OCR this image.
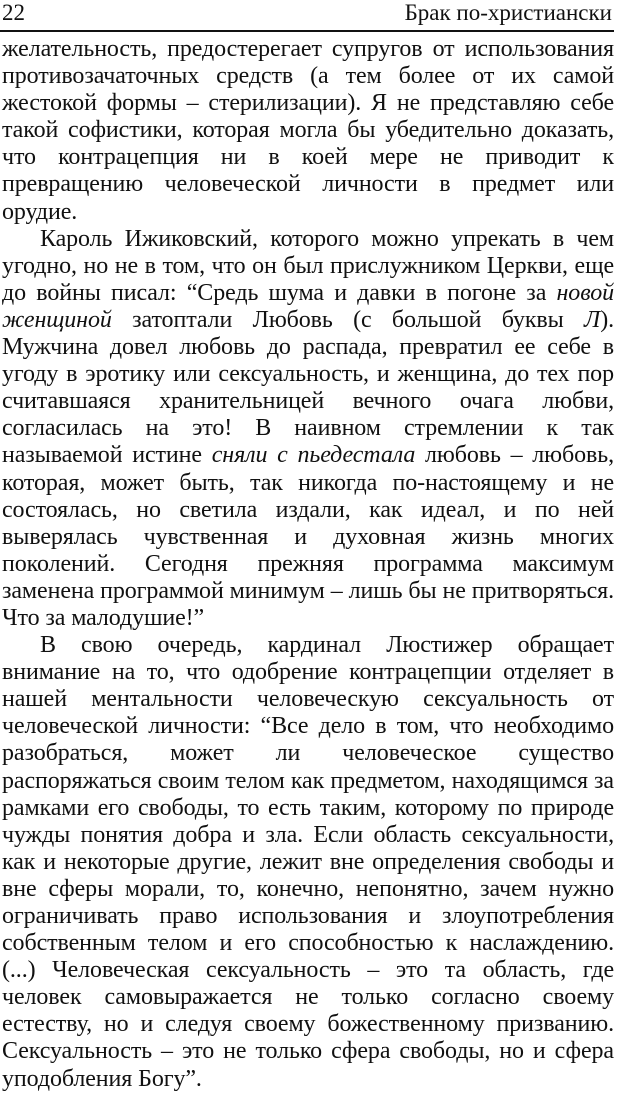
22	Брак по-христиански

желательность, предостерегает супругов от использования противозачаточных средств (а тем более от их самой жестокой формы – стерилизации). Я не представляю себе такой софистики, которая могла бы убедительно доказать, что контрацепция ни в коей мере не приводит к превращению человеческой личности в предмет или орудие.

Кароль Ижиковский, которого можно упрекать в чем угодно, но не в том, что он был прислужником Церкви, еще до войны писал: “Средь шума и давки в погоне за новой женщиной затоптали Любовь (с большой буквы Л). Мужчина довел любовь до распада, превратил ее себе в угоду в эротику или сексуальность, и женщина, до тех пор считавшаяся хранительницей вечного очага любви, согласилась на это! В наивном стремлении к так называемой истине сняли с пьедестала любовь – любовь, которая, может быть, так никогда по-настоящему и не состоялась, но светила издали, как идеал, и по ней выверялась чувственная и духовная жизнь многих поколений. Сегодня прежняя программа максимум заменена программой минимум – лишь бы не притворяться. Что за малодушие!”

В свою очередь, кардинал Люстижер обращает внимание на то, что одобрение контрацепции отделяет в нашей ментальности человеческую сексуальность от человеческой личности: “Все дело в том, что необходимо разобраться, может ли человеческое существо распоряжаться своим телом как предметом, находящимся за рамками его свободы, то есть таким, которому по природе чужды понятия добра и зла. Если область сексуальности, как и некоторые другие, лежит вне определения свободы и вне сферы морали, то, конечно, непонятно, зачем нужно ограничивать право использования и злоупотребления собственным телом и его способностью к наслаждению. (...) Человеческая сексуальность – это та область, где человек самовыражается не только согласно своему естеству, но и следуя своему божественному призванию. Сексуальность – это не только сфера свободы, но и сфера уподобления Богу”.
